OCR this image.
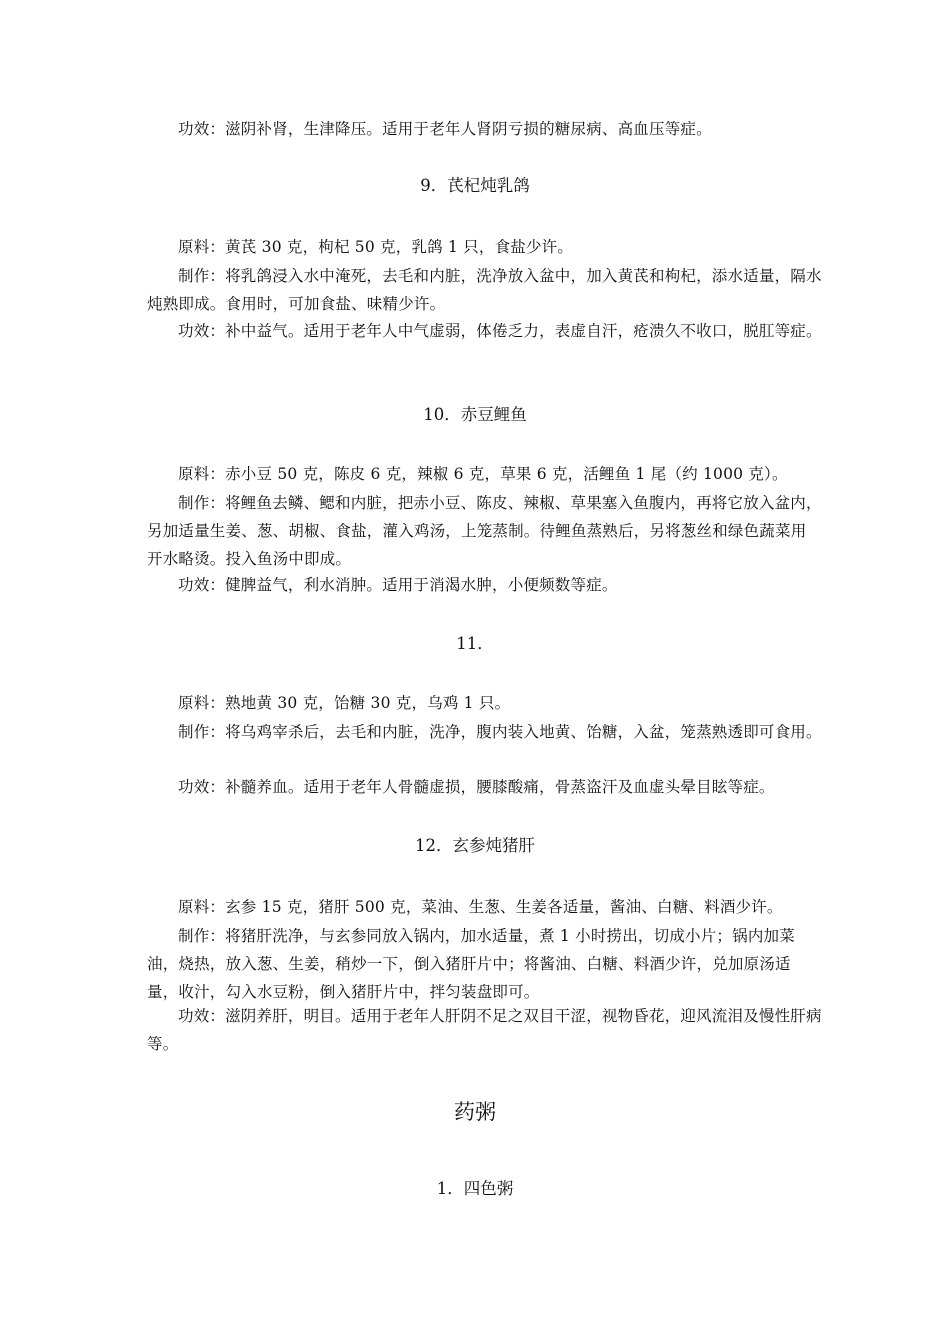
功效：滋阴补肾，生津降压。适用于老年人肾阴亏损的糖尿病、高血压等症。

9．芪杞炖乳鸽

原料：黄芪 30 克，枸杞 50 克，乳鸽 1 只，食盐少许。

制作：将乳鸽浸入水中淹死，去毛和内脏，洗净放入盆中，加入黄芪和枸杞，添水适量，隔水炖熟即成。食用时，可加食盐、味精少许。

功效：补中益气。适用于老年人中气虚弱，体倦乏力，表虚自汗，疮溃久不收口，脱肛等症。

10．赤豆鲤鱼

原料：赤小豆 50 克，陈皮 6 克，辣椒 6 克，草果 6 克，活鲤鱼 1 尾（约 1000 克）。

制作：将鲤鱼去鳞、鳃和内脏，把赤小豆、陈皮、辣椒、草果塞入鱼腹内，再将它放入盆内，另加适量生姜、葱、胡椒、食盐，灌入鸡汤，上笼蒸制。待鲤鱼蒸熟后，另将葱丝和绿色蔬菜用开水略烫。投入鱼汤中即成。

功效：健脾益气，利水消肿。适用于消渴水肿，小便频数等症。

11．

原料：熟地黄 30 克，饴糖 30 克，乌鸡 1 只。

制作：将乌鸡宰杀后，去毛和内脏，洗净，腹内装入地黄、饴糖，入盆，笼蒸熟透即可食用。

功效：补髓养血。适用于老年人骨髓虚损，腰膝酸痛，骨蒸盗汗及血虚头晕目眩等症。

12．玄参炖猪肝

原料：玄参 15 克，猪肝 500 克，菜油、生葱、生姜各适量，酱油、白糖、料酒少许。

制作：将猪肝洗净，与玄参同放入锅内，加水适量，煮 1 小时捞出，切成小片；锅内加菜油，烧热，放入葱、生姜，稍炒一下，倒入猪肝片中；将酱油、白糖、料酒少许，兑加原汤适量，收汁，勾入水豆粉，倒入猪肝片中，拌匀装盘即可。

功效：滋阴养肝，明目。适用于老年人肝阴不足之双目干涩，视物昏花，迎风流泪及慢性肝病等。

药粥

1．四色粥
